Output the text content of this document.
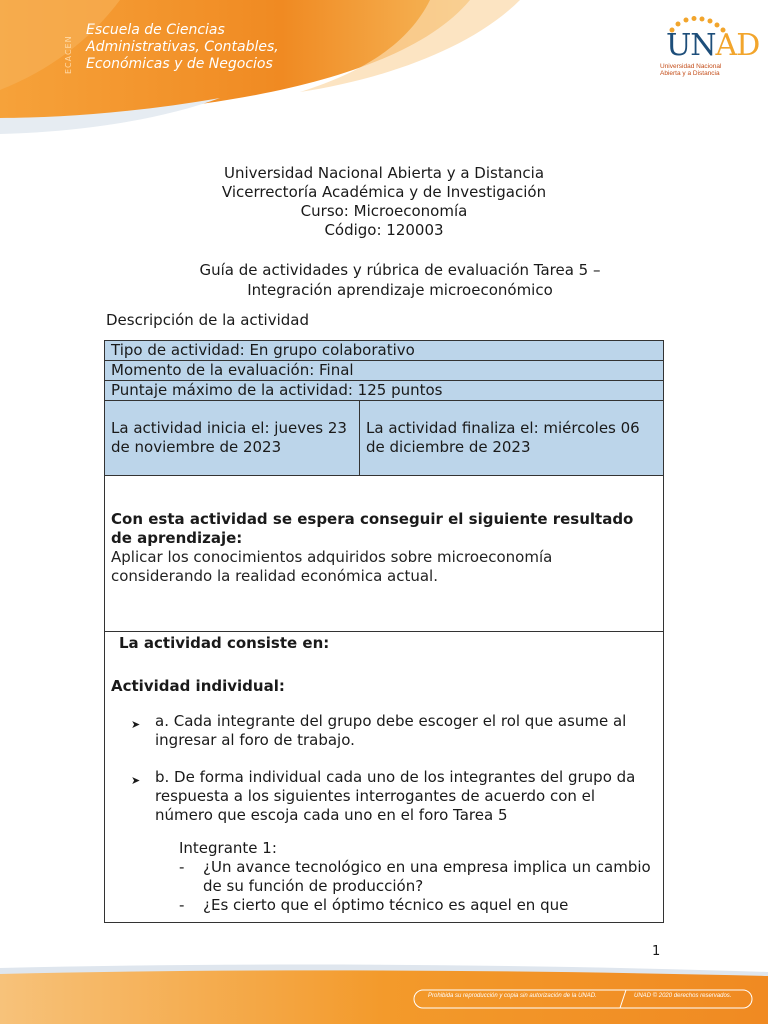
ECACEN
Escuela de Ciencias
Administrativas, Contables,
Económicas y de Negocios
UNAD
Universidad Nacional
Abierta y a Distancia
Universidad Nacional Abierta y a Distancia
Vicerrectoría Académica y de Investigación
Curso: Microeconomía
Código: 120003
Guía de actividades y rúbrica de evaluación Tarea 5 –
Integración aprendizaje microeconómico
Descripción de la actividad
Tipo de actividad: En grupo colaborativo
Momento de la evaluación: Final
Puntaje máximo de la actividad: 125 puntos
La actividad inicia el: jueves 23 de noviembre de 2023	La actividad finaliza el: miércoles 06 de diciembre de 2023

Con esta actividad se espera conseguir el siguiente resultado de aprendizaje:
Aplicar los conocimientos adquiridos sobre microeconomía considerando la realidad económica actual.

La actividad consiste en:
Actividad individual:
➤ a. Cada integrante del grupo debe escoger el rol que asume al ingresar al foro de trabajo.
➤ b. De forma individual cada uno de los integrantes del grupo da respuesta a los siguientes interrogantes de acuerdo con el número que escoja cada uno en el foro Tarea 5
Integrante 1:
-	¿Un avance tecnológico en una empresa implica un cambio de su función de producción?
-	¿Es cierto que el óptimo técnico es aquel en que
1
Prohibida su reproducción y copia sin autorización de la UNAD.	UNAD © 2020 derechos reservados.
